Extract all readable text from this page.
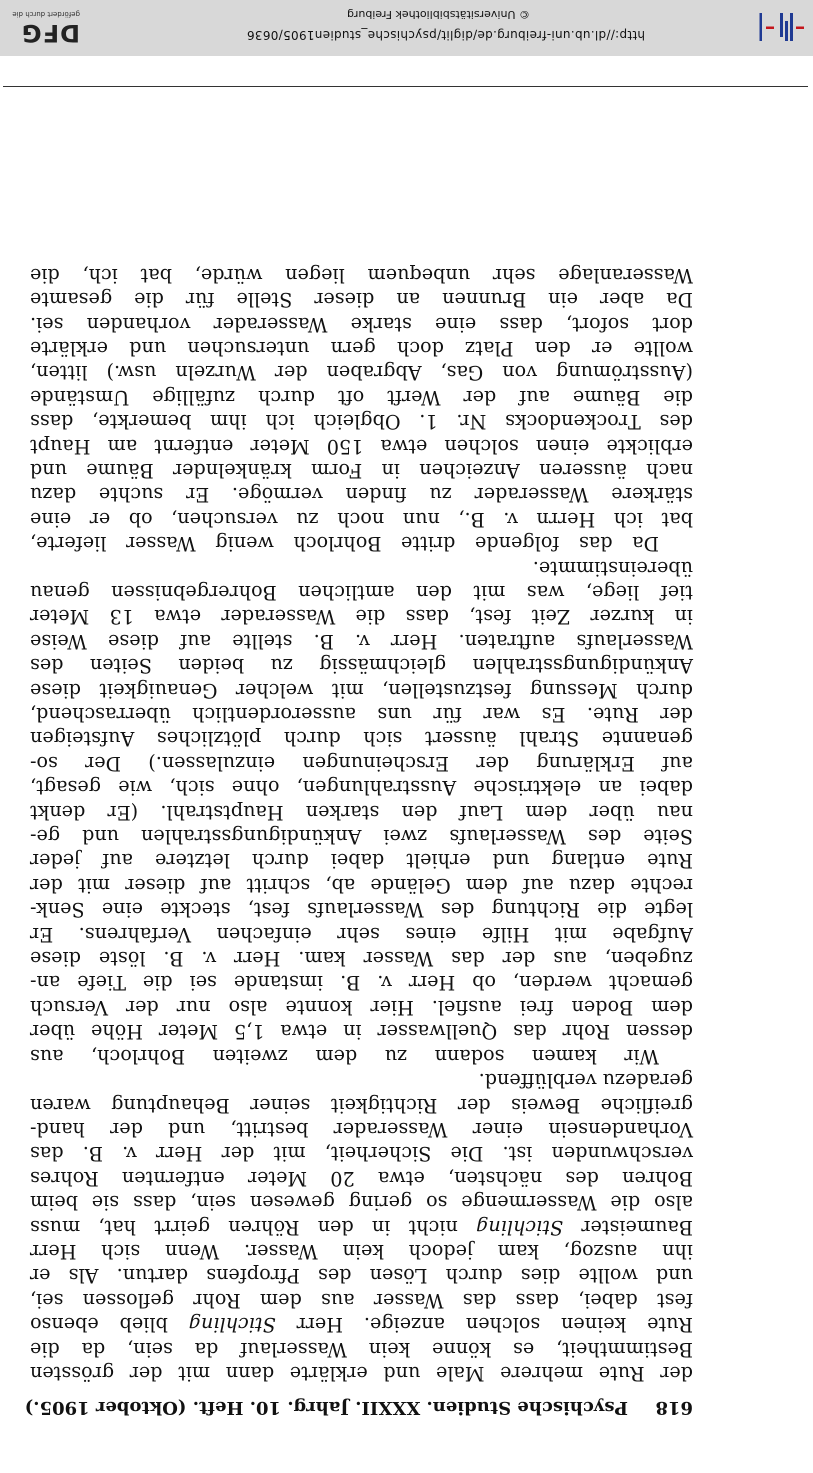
618
Psychische Studien. XXXII. Jahrg. 10. Heft. (Oktober 1905.)
der Rute mehrere Male und erklärte dann mit der grössten
Bestimmtheit, es könne kein Wasserlauf da sein, da die
Rute keinen solchen anzeige. Herr Stichling blieb ebenso
fest dabei, dass das Wasser aus dem Rohr geflossen sei,
und wollte dies durch Lösen des Pfropfens dartun. Als er
ihn auszog, kam jedoch kein Wasser. Wenn sich Herr
Baumeister Stichling nicht in den Röhren geirrt hat, muss
also die Wassermenge so gering gewesen sein, dass sie beim
Bohren des nächsten, etwa 20 Meter entfernten Rohres
verschwunden ist. Die Sicherheit, mit der Herr v. B. das
Vorhandensein einer Wasserader bestritt, und der hand-
greifliche Beweis der Richtigkeit seiner Behauptung waren
geradezu verblüffend.
Wir kamen sodann zu dem zweiten Bohrloch, aus
dessen Rohr das Quellwasser in etwa 1,5 Meter Höhe über
dem Boden frei ausfiel. Hier konnte also nur der Versuch
gemacht werden, ob Herr v. B. imstande sei die Tiefe an-
zugeben, aus der das Wasser kam. Herr v. B. löste diese
Aufgabe mit Hilfe eines sehr einfachen Verfahrens. Er
legte die Richtung des Wasserlaufs fest, steckte eine Senk-
rechte dazu auf dem Gelände ab, schritt auf dieser mit der
Rute entlang und erhielt dabei durch letztere auf jeder
Seite des Wasserlaufs zwei Ankündigungsstrahlen und ge-
nau über dem Lauf den starken Hauptstrahl. (Er denkt
dabei an elektrische Ausstrahlungen, ohne sich, wie gesagt,
auf Erklärung der Erscheinungen einzulassen.) Der so-
genannte Strahl äussert sich durch plötzliches Aufsteigen
der Rute. Es war für uns ausserordentlich überraschend,
durch Messung festzustellen, mit welcher Genauigkeit diese
Ankündigungsstrahlen gleichmässig zu beiden Seiten des
Wasserlaufs auftraten. Herr v. B. stellte auf diese Weise
in kurzer Zeit fest, dass die Wasserader etwa 13 Meter
tief liege, was mit den amtlichen Bohrergebnissen genau
übereinstimmte.
Da das folgende dritte Bohrloch wenig Wasser lieferte,
bat ich Herrn v. B., nun noch zu versuchen, ob er eine
stärkere Wasserader zu finden vermöge. Er suchte dazu
nach äusseren Anzeichen in Form kränkelnder Bäume und
erblickte einen solchen etwa 150 Meter entfernt am Haupt
des Trockendocks Nr. 1. Obgleich ich ihm bemerkte, dass
die Bäume auf der Werft oft durch zufällige Umstände
(Ausströmung von Gas, Abgraben der Wurzeln usw.) litten,
wollte er den Platz doch gern untersuchen und erklärte
dort sofort, dass eine starke Wasserader vorhanden sei.
Da aber ein Brunnen an dieser Stelle für die gesamte
Wasseranlage sehr unbequem liegen würde, bat ich, die
http://dl.ub.uni-freiburg.de/diglit/psychische_studien1905/0636
© Universitätsbibliothek Freiburg
DFG
gefördert durch die
